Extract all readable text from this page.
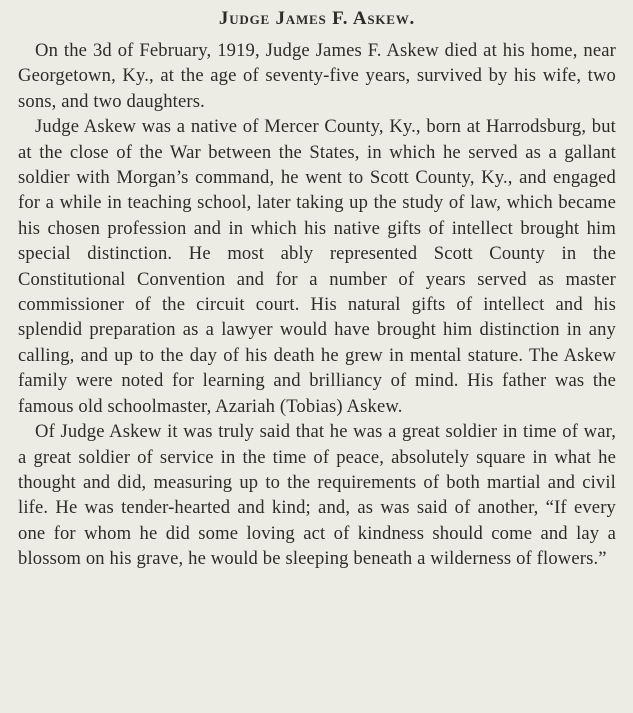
Judge James F. Askew.

On the 3d of February, 1919, Judge James F. Askew died at his home, near Georgetown, Ky., at the age of seventy-five years, survived by his wife, two sons, and two daughters.

Judge Askew was a native of Mercer County, Ky., born at Harrodsburg, but at the close of the War between the States, in which he served as a gallant soldier with Morgan’s command, he went to Scott County, Ky., and engaged for a while in teaching school, later taking up the study of law, which became his chosen profession and in which his native gifts of intellect brought him special distinction. He most ably represented Scott County in the Constitutional Convention and for a number of years served as master commissioner of the circuit court. His natural gifts of intellect and his splendid preparation as a lawyer would have brought him distinction in any calling, and up to the day of his death he grew in mental stature. The Askew family were noted for learning and brilliancy of mind. His father was the famous old schoolmaster, Azariah (Tobias) Askew.

Of Judge Askew it was truly said that he was a great soldier in time of war, a great soldier of service in the time of peace, absolutely square in what he thought and did, measuring up to the requirements of both martial and civil life. He was tender-hearted and kind; and, as was said of another, “If every one for whom he did some loving act of kindness should come and lay a blossom on his grave, he would be sleeping beneath a wilderness of flowers.”
